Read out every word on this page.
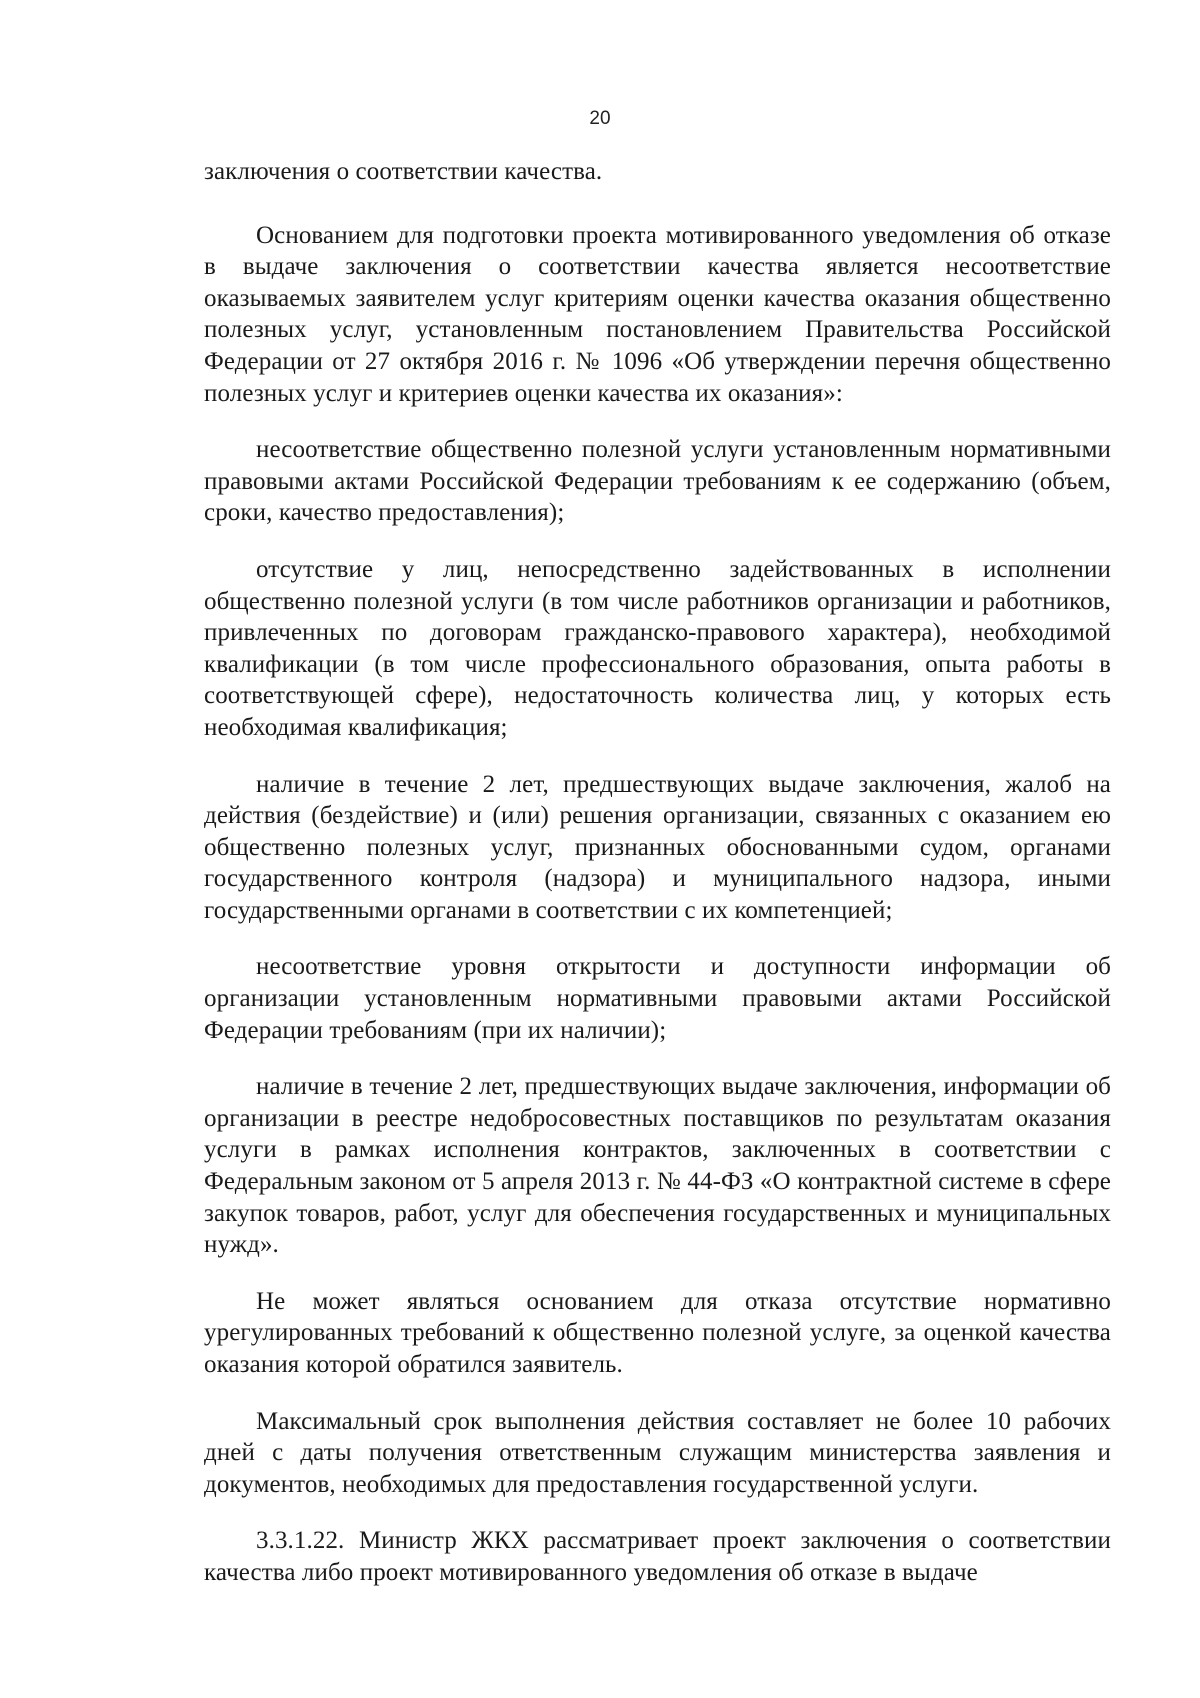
20

заключения о соответствии качества.

Основанием для подготовки проекта мотивированного уведомления об отказе в выдаче заключения о соответствии качества является несоответствие оказываемых заявителем услуг критериям оценки качества оказания общественно полезных услуг, установленным постановлением Правительства Российской Федерации от 27 октября 2016 г. № 1096 «Об утверждении перечня общественно полезных услуг и критериев оценки качества их оказания»:

несоответствие общественно полезной услуги установленным нормативными правовыми актами Российской Федерации требованиям к ее содержанию (объем, сроки, качество предоставления);

отсутствие у лиц, непосредственно задействованных в исполнении общественно полезной услуги (в том числе работников организации и работников, привлеченных по договорам гражданско-правового характера), необходимой квалификации (в том числе профессионального образования, опыта работы в соответствующей сфере), недостаточность количества лиц, у которых есть необходимая квалификация;

наличие в течение 2 лет, предшествующих выдаче заключения, жалоб на действия (бездействие) и (или) решения организации, связанных с оказанием ею общественно полезных услуг, признанных обоснованными судом, органами государственного контроля (надзора) и муниципального надзора, иными государственными органами в соответствии с их компетенцией;

несоответствие уровня открытости и доступности информации об организации установленным нормативными правовыми актами Российской Федерации требованиям (при их наличии);

наличие в течение 2 лет, предшествующих выдаче заключения, информации об организации в реестре недобросовестных поставщиков по результатам оказания услуги в рамках исполнения контрактов, заключенных в соответствии с Федеральным законом от 5 апреля 2013 г. № 44-ФЗ «О контрактной системе в сфере закупок товаров, работ, услуг для обеспечения государственных и муниципальных нужд».

Не может являться основанием для отказа отсутствие нормативно урегулированных требований к общественно полезной услуге, за оценкой качества оказания которой обратился заявитель.

Максимальный срок выполнения действия составляет не более 10 рабочих дней с даты получения ответственным служащим министерства заявления и документов, необходимых для предоставления государственной услуги.

3.3.1.22. Министр ЖКХ рассматривает проект заключения о соответствии качества либо проект мотивированного уведомления об отказе в выдаче
